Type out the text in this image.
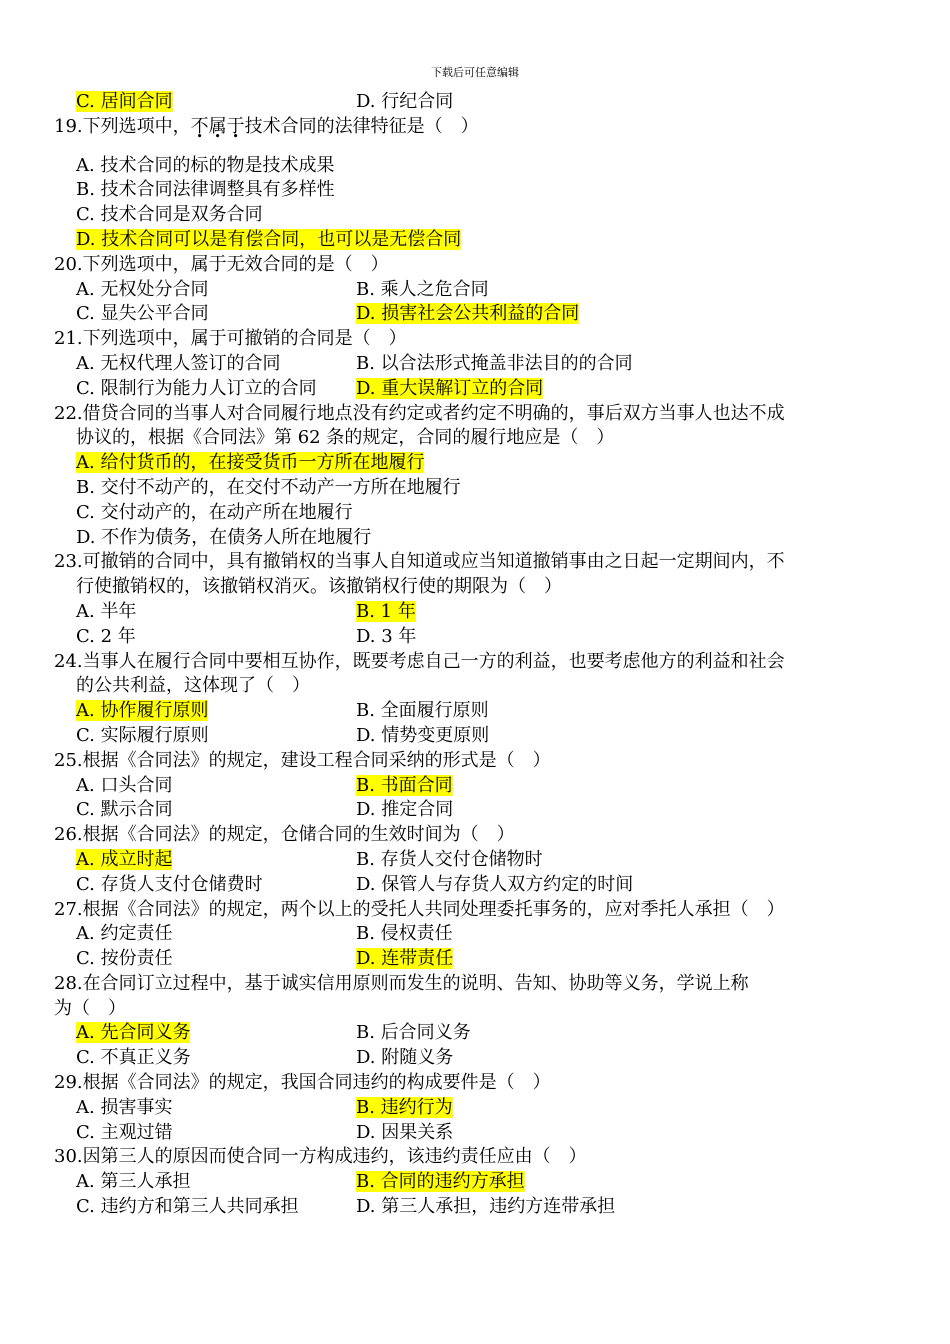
下载后可任意编辑
C. 居间合同	D. 行纪合同
19.下列选项中，不属于技术合同的法律特征是（　）
A. 技术合同的标的物是技术成果
B. 技术合同法律调整具有多样性
C. 技术合同是双务合同
D. 技术合同可以是有偿合同，也可以是无偿合同
20.下列选项中，属于无效合同的是（　）
A. 无权处分合同	B. 乘人之危合同
C. 显失公平合同	D. 损害社会公共利益的合同
21.下列选项中，属于可撤销的合同是（　）
A. 无权代理人签订的合同	B. 以合法形式掩盖非法目的的合同
C. 限制行为能力人订立的合同	D. 重大误解订立的合同
22.借贷合同的当事人对合同履行地点没有约定或者约定不明确的，事后双方当事人也达不成
协议的，根据《合同法》第 62 条的规定，合同的履行地应是（　）
A. 给付货币的，在接受货币一方所在地履行
B. 交付不动产的，在交付不动产一方所在地履行
C. 交付动产的，在动产所在地履行
D. 不作为债务，在债务人所在地履行
23.可撤销的合同中，具有撤销权的当事人自知道或应当知道撤销事由之日起一定期间内，不
行使撤销权的，该撤销权消灭。该撤销权行使的期限为（　）
A. 半年	B. 1 年
C. 2 年	D. 3 年
24.当事人在履行合同中要相互协作，既要考虑自己一方的利益，也要考虑他方的利益和社会
的公共利益，这体现了（　）
A. 协作履行原则	B. 全面履行原则
C. 实际履行原则	D. 情势变更原则
25.根据《合同法》的规定，建设工程合同采纳的形式是（　）
A. 口头合同	B. 书面合同
C. 默示合同	D. 推定合同
26.根据《合同法》的规定，仓储合同的生效时间为（　）
A. 成立时起	B. 存货人交付仓储物时
C. 存货人支付仓储费时	D. 保管人与存货人双方约定的时间
27.根据《合同法》的规定，两个以上的受托人共同处理委托事务的，应对季托人承担（　）
A. 约定责任	B. 侵权责任
C. 按份责任	D. 连带责任
28.在合同订立过程中，基于诚实信用原则而发生的说明、告知、协助等义务，学说上称
为（　）
A. 先合同义务	B. 后合同义务
C. 不真正义务	D. 附随义务
29.根据《合同法》的规定，我国合同违约的构成要件是（　）
A. 损害事实	B. 违约行为
C. 主观过错	D. 因果关系
30.因第三人的原因而使合同一方构成违约，该违约责任应由（　）
A. 第三人承担	B. 合同的违约方承担
C. 违约方和第三人共同承担	D. 第三人承担，违约方连带承担
